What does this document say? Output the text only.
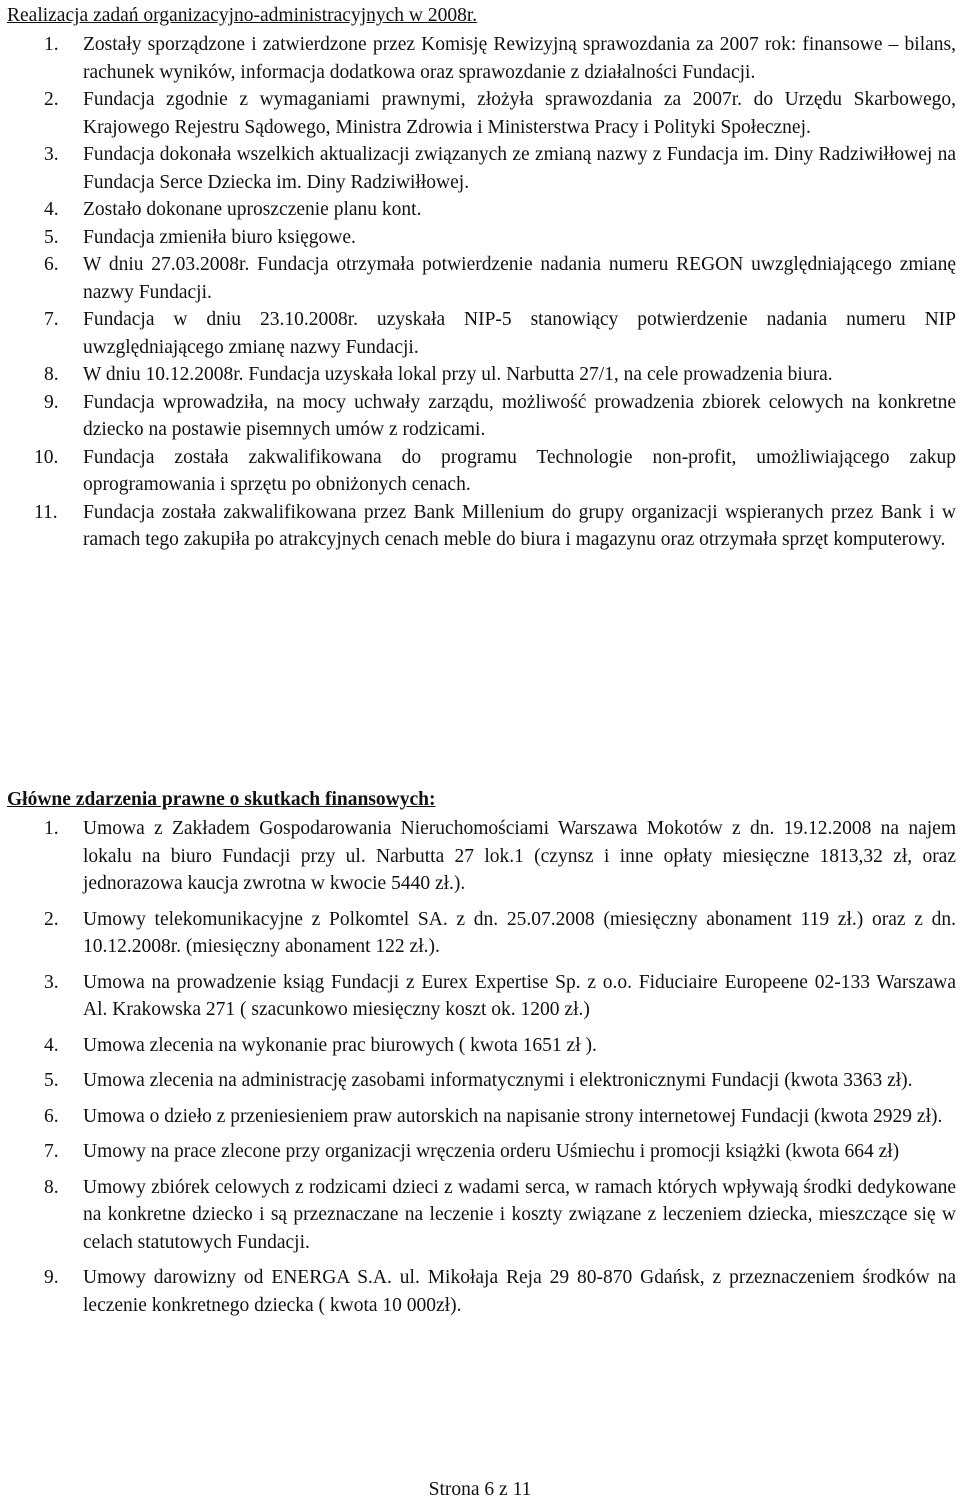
Realizacja zadań organizacyjno-administracyjnych w 2008r.
1. Zostały sporządzone i zatwierdzone przez Komisję Rewizyjną sprawozdania za 2007 rok: finansowe – bilans, rachunek wyników, informacja dodatkowa oraz sprawozdanie z działalności Fundacji.
2. Fundacja zgodnie z wymaganiami prawnymi, złożyła sprawozdania za 2007r. do Urzędu Skarbowego, Krajowego Rejestru Sądowego, Ministra Zdrowia i Ministerstwa Pracy i Polityki Społecznej.
3. Fundacja dokonała wszelkich aktualizacji związanych ze zmianą nazwy z Fundacja im. Diny Radziwiłłowej na Fundacja Serce Dziecka im. Diny Radziwiłłowej.
4. Zostało dokonane uproszczenie planu kont.
5. Fundacja zmieniła biuro księgowe.
6. W dniu 27.03.2008r. Fundacja otrzymała potwierdzenie nadania numeru REGON uwzględniającego zmianę nazwy Fundacji.
7. Fundacja w dniu 23.10.2008r. uzyskała NIP-5 stanowiący potwierdzenie nadania numeru NIP uwzględniającego zmianę nazwy Fundacji.
8. W dniu 10.12.2008r. Fundacja uzyskała lokal przy ul. Narbutta 27/1, na cele prowadzenia biura.
9. Fundacja wprowadziła, na mocy uchwały zarządu, możliwość prowadzenia zbiorek celowych na konkretne dziecko na postawie pisemnych umów z rodzicami.
10. Fundacja została zakwalifikowana do programu Technologie non-profit, umożliwiającego zakup oprogramowania i sprzętu po obniżonych cenach.
11. Fundacja została zakwalifikowana przez Bank Millenium do grupy organizacji wspieranych przez Bank i w ramach tego zakupiła po atrakcyjnych cenach meble do biura i magazynu oraz otrzymała sprzęt komputerowy.
Główne zdarzenia prawne o skutkach finansowych:
1. Umowa z Zakładem Gospodarowania Nieruchomościami Warszawa Mokotów z dn. 19.12.2008 na najem lokalu na biuro Fundacji przy ul. Narbutta 27 lok.1 (czynsz i inne opłaty miesięczne 1813,32 zł, oraz jednorazowa kaucja zwrotna w kwocie 5440 zł.).
2. Umowy telekomunikacyjne z Polkomtel SA. z dn. 25.07.2008 (miesięczny abonament 119 zł.) oraz z dn. 10.12.2008r. (miesięczny abonament 122 zł.).
3. Umowa na prowadzenie ksiąg Fundacji z Eurex Expertise Sp. z o.o. Fiduciaire Europeene 02-133 Warszawa Al. Krakowska 271 ( szacunkowo miesięczny koszt ok. 1200 zł.)
4. Umowa zlecenia na wykonanie prac biurowych ( kwota 1651 zł ).
5. Umowa zlecenia na administrację zasobami informatycznymi i elektronicznymi Fundacji (kwota 3363 zł).
6. Umowa o dzieło z przeniesieniem praw autorskich na napisanie strony internetowej Fundacji (kwota 2929 zł).
7. Umowy na prace zlecone przy organizacji wręczenia orderu Uśmiechu i promocji książki (kwota 664 zł)
8. Umowy zbiórek celowych z rodzicami dzieci z wadami serca, w ramach których wpływają środki dedykowane na konkretne dziecko i są przeznaczane na leczenie i koszty związane z leczeniem dziecka, mieszczące się w celach statutowych Fundacji.
9. Umowy darowizny od ENERGA S.A. ul. Mikołaja Reja 29 80-870 Gdańsk, z przeznaczeniem środków na leczenie konkretnego dziecka ( kwota 10 000zł).
Strona 6 z 11
